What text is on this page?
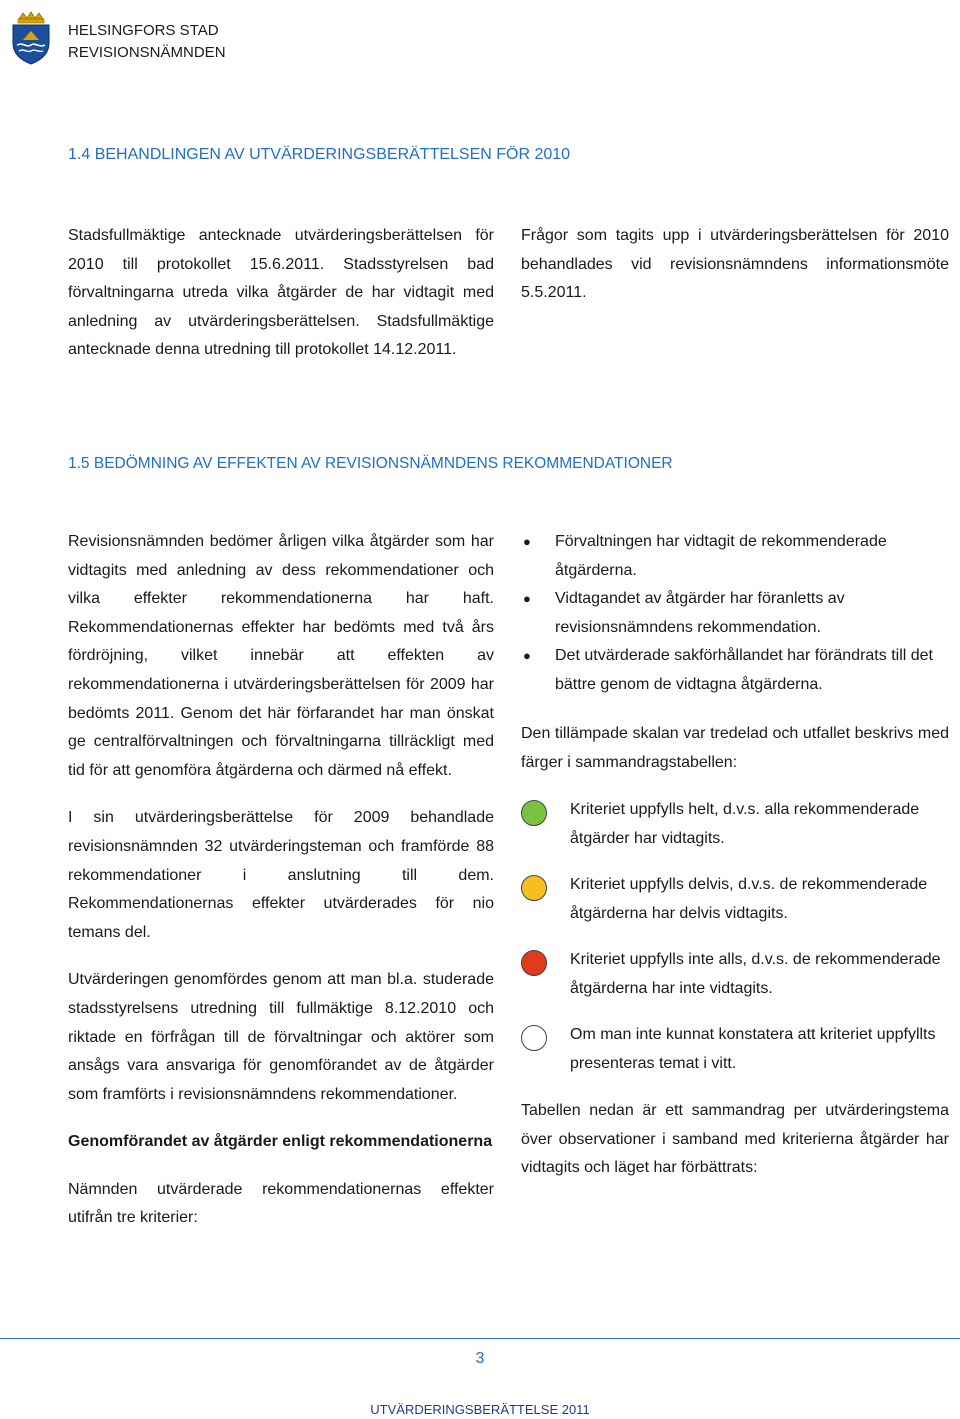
HELSINGFORS STAD
REVISIONSNÄMNDEN
1.4 BEHANDLINGEN AV UTVÄRDERINGSBERÄTTELSEN FÖR 2010

Stadsfullmäktige antecknade utvärderingsberättelsen för 2010 till protokollet 15.6.2011. Stadsstyrelsen bad förvaltningarna utreda vilka åtgärder de har vidtagit med anledning av utvärderingsberättelsen. Stadsfullmäktige antecknade denna utredning till protokollet 14.12.2011.

Frågor som tagits upp i utvärderingsberättelsen för 2010 behandlades vid revisionsnämndens informationsmöte 5.5.2011.

1.5 BEDÖMNING AV EFFEKTEN AV REVISIONSNÄMNDENS REKOMMENDATIONER

Revisionsnämnden bedömer årligen vilka åtgärder som har vidtagits med anledning av dess rekommendationer och vilka effekter rekommendationerna har haft. Rekommendationernas effekter har bedömts med två års fördröjning, vilket innebär att effekten av rekommendationerna i utvärderingsberättelsen för 2009 har bedömts 2011. Genom det här förfarandet har man önskat ge centralförvaltningen och förvaltningarna tillräckligt med tid för att genomföra åtgärderna och därmed nå effekt.

I sin utvärderingsberättelse för 2009 behandlade revisionsnämnden 32 utvärderingsteman och framförde 88 rekommendationer i anslutning till dem. Rekommendationernas effekter utvärderades för nio temans del.

Utvärderingen genomfördes genom att man bl.a. studerade stadsstyrelsens utredning till fullmäktige 8.12.2010 och riktade en förfrågan till de förvaltningar och aktörer som ansågs vara ansvariga för genomförandet av de åtgärder som framförts i revisionsnämndens rekommendationer.

Genomförandet av åtgärder enligt rekommendationerna

Nämnden utvärderade rekommendationernas effekter utifrån tre kriterier:

● Förvaltningen har vidtagit de rekommenderade åtgärderna.
● Vidtagandet av åtgärder har föranletts av revisionsnämndens rekommendation.
● Det utvärderade sakförhållandet har förändrats till det bättre genom de vidtagna åtgärderna.

Den tillämpade skalan var tredelad och utfallet beskrivs med färger i sammandragstabellen:

Kriteriet uppfylls helt, d.v.s. alla rekommenderade åtgärder har vidtagits.
Kriteriet uppfylls delvis, d.v.s. de rekommenderade åtgärderna har delvis vidtagits.
Kriteriet uppfylls inte alls, d.v.s. de rekommenderade åtgärderna har inte vidtagits.
Om man inte kunnat konstatera att kriteriet uppfyllts presenteras temat i vitt.

Tabellen nedan är ett sammandrag per utvärderingstema över observationer i samband med kriterierna åtgärder har vidtagits och läget har förbättrats:

3
UTVÄRDERINGSBERÄTTELSE 2011
